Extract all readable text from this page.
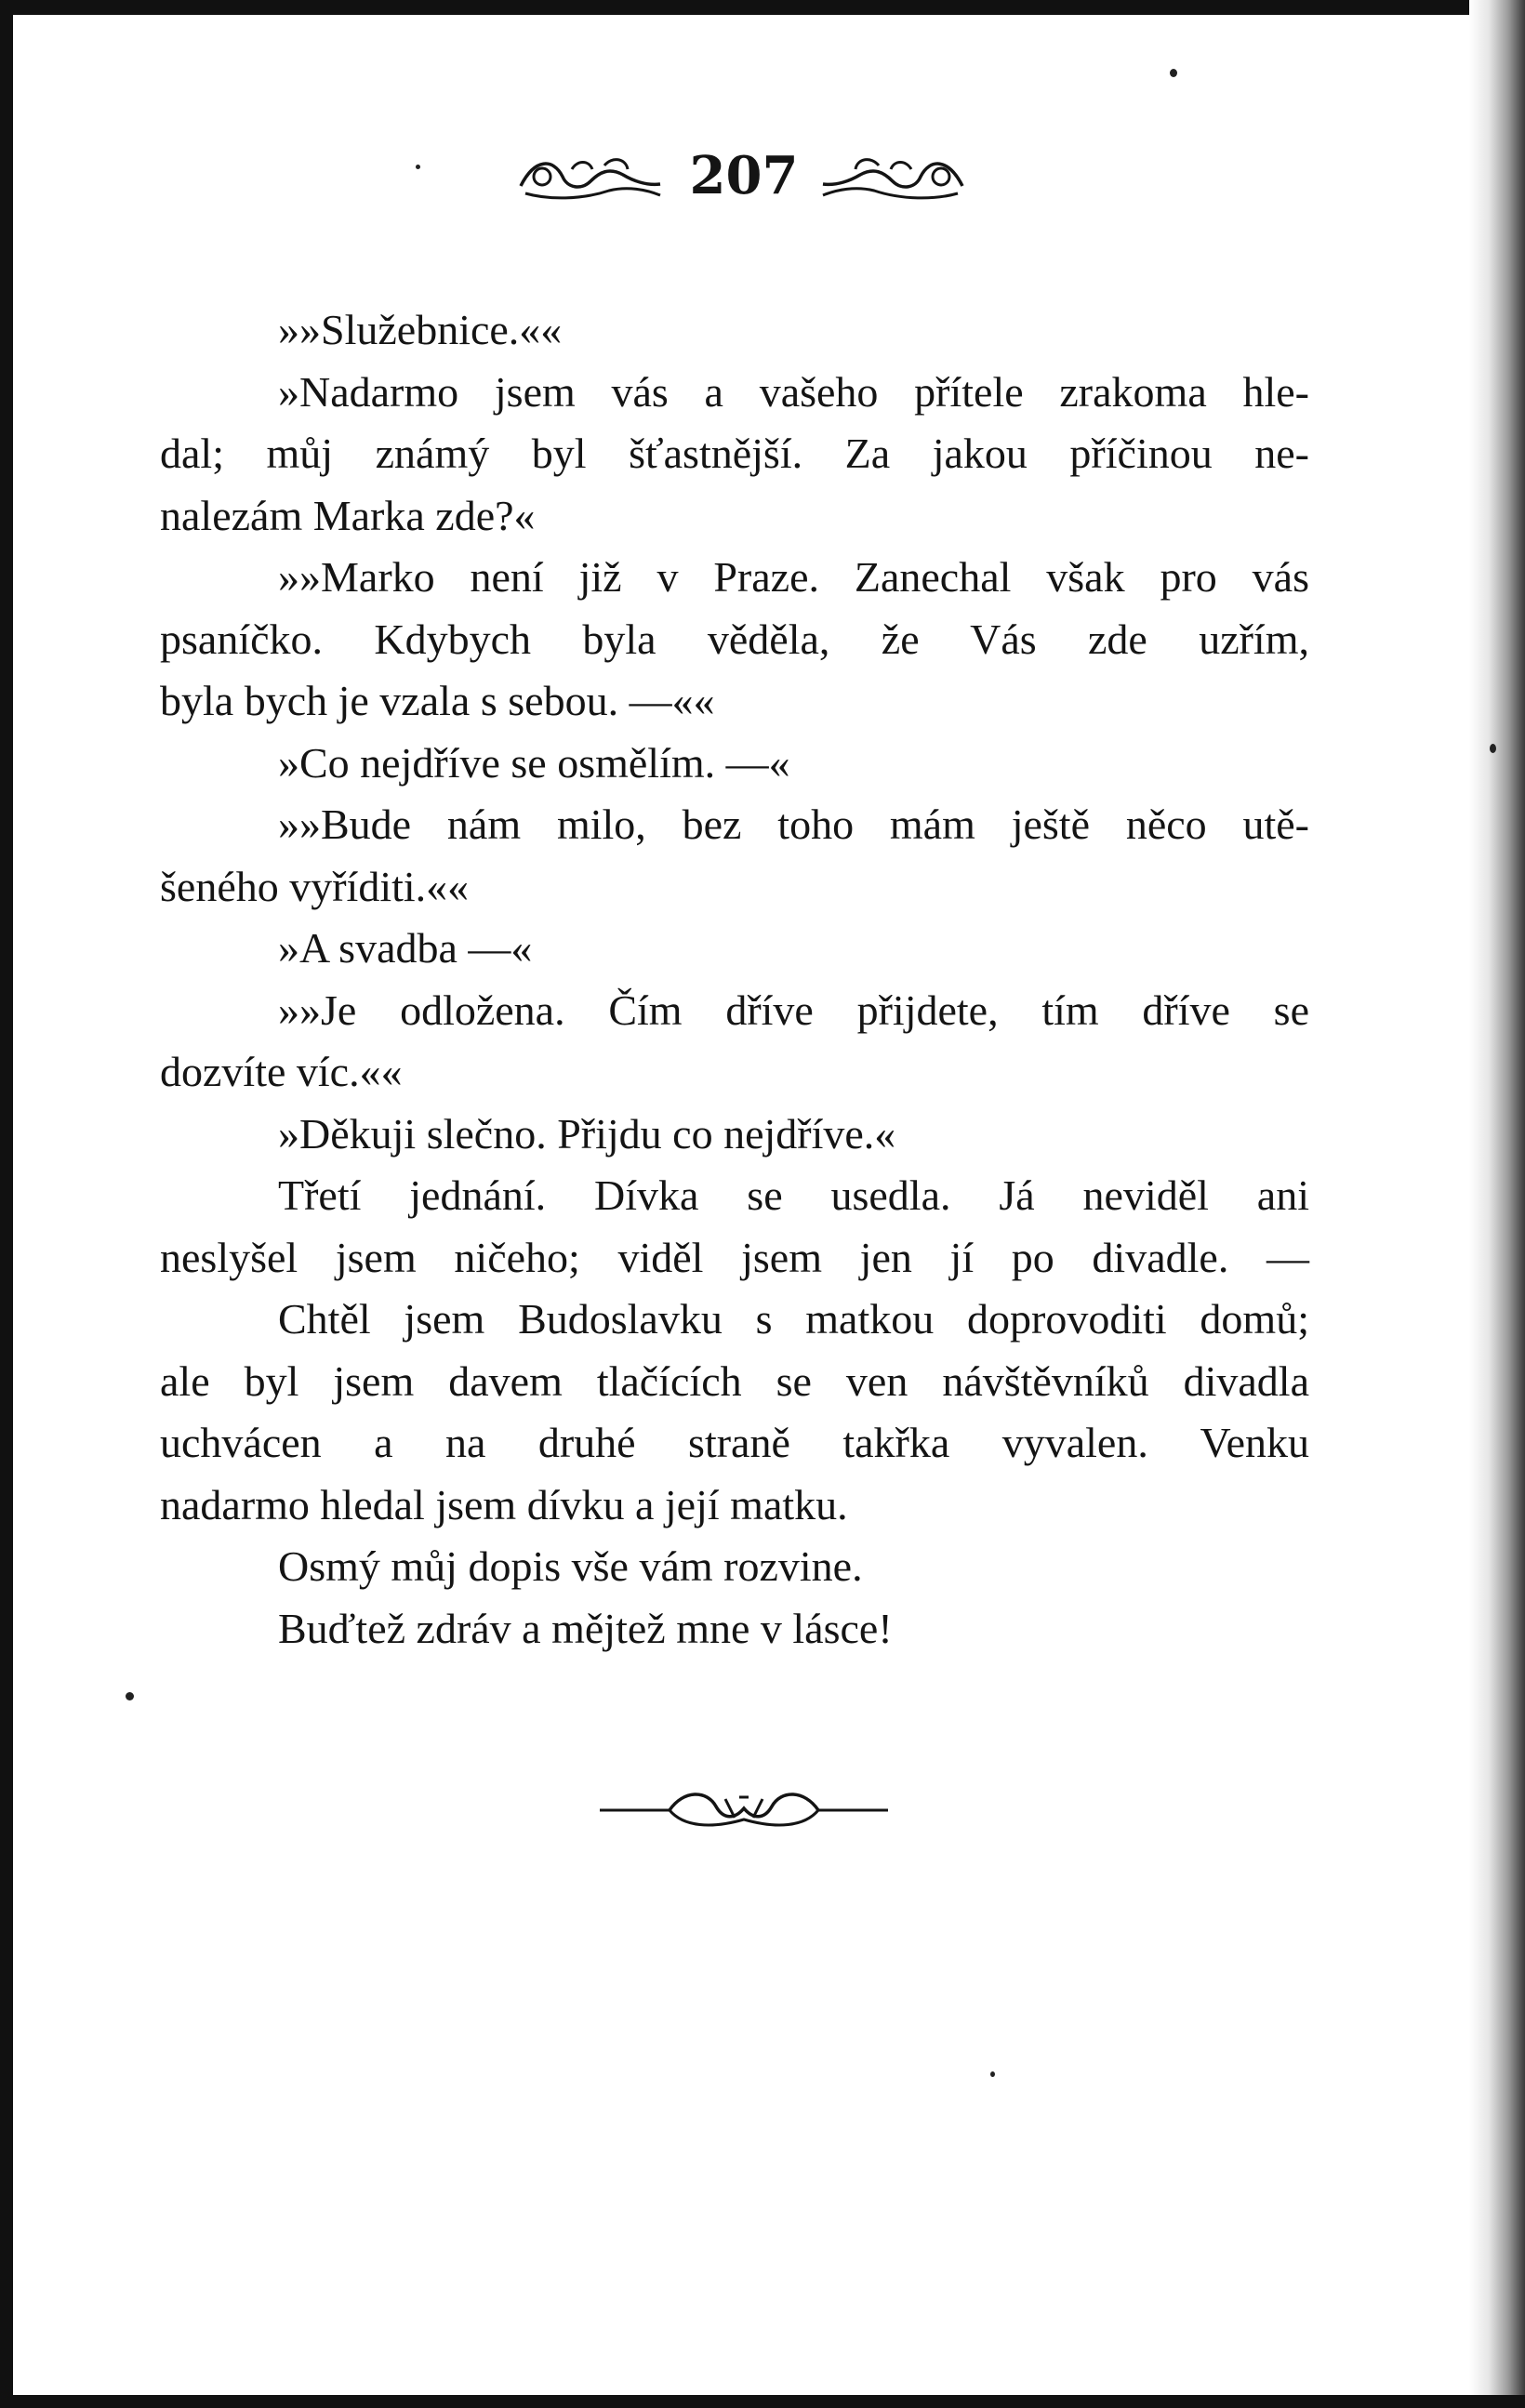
207
»»Služebnice.««
»Nadarmo jsem vás a vašeho přítele zrakoma hle-
dal; můj známý byl šťastnější. Za jakou příčinou ne-
nalezám Marka zde?«
»»Marko není již v Praze. Zanechal však pro vás
psaníčko. Kdybych byla věděla, že Vás zde uzřím,
byla bych je vzala s sebou. —««
»Co nejdříve se osmělím. —«
»»Bude nám milo, bez toho mám ještě něco utě-
šeného vyříditi.««
»A svadba —«
»»Je odložena. Čím dříve přijdete, tím dříve se
dozvíte víc.««
»Děkuji slečno. Přijdu co nejdříve.«
Třetí jednání. Dívka se usedla. Já neviděl ani
neslyšel jsem ničeho; viděl jsem jen jí po divadle. —
Chtěl jsem Budoslavku s matkou doprovoditi domů;
ale byl jsem davem tlačících se ven návštěvníků divadla
uchvácen a na druhé straně takřka vyvalen. Venku
nadarmo hledal jsem dívku a její matku.
Osmý můj dopis vše vám rozvine.
Buďtež zdráv a mějtež mne v lásce!
